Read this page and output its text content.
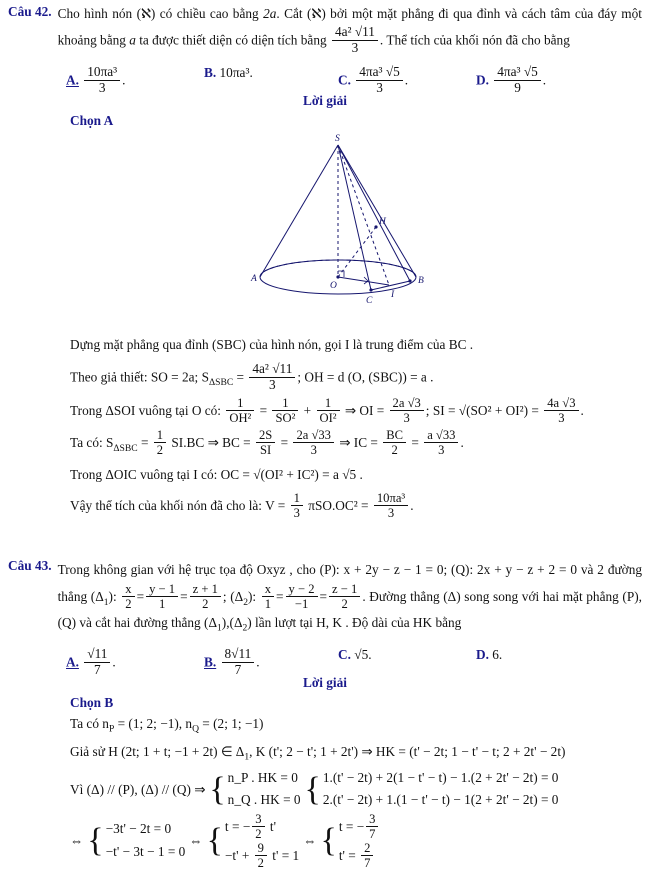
Câu 42. Cho hình nón (ℵ) có chiều cao bằng 2a. Cắt (ℵ) bởi một mặt phẳng đi qua đỉnh và cách tâm của đáy một khoảng bằng a ta được thiết diện có diện tích bằng $\frac{\text{4a² √11}}{3}$ . Thể tích của khối nón đã cho bằng
A. $\frac{\text{10πa³}}{3}$ .
B. 10πa³.
C. $\frac{\text{4πa³ √5}}{3}$ .	D. $\frac{\text{4πa³ √5}}{9}$ .
Lời giải
Chọn A
S
H
A
O
C
I
B
Dựng mặt phẳng qua đỉnh (SBC) của hình nón, gọi I là trung điểm của BC .
Theo giả thiết: SO = 2a; $S_{\Delta SBC} = \frac{\text{4a² √11}}{3}$ ; OH = d (O, (SBC)) = a .
Trong ΔSOI vuông tại O có: $\frac{1}{\text{OH²}} = \frac{1}{\text{SO²}} + \frac{1}{\text{OI²}}$ ⇒ OI = $\frac{2a √3}{3}$ ; SI = $√(SO^2 + OI^2) = \frac{4a √3}{3}$ .
Ta có: $S_{\Delta SBC} = \frac{1}{2} SI.BC$ ⇒ BC = $\frac{2S}{SI} = \frac{2a √33}{3}$ ⇒ IC = $\frac{BC}{2} = \frac{a √33}{3}$ .
Trong ΔOIC vuông tại I có: OC = √(OI² + IC²) = a √5 .
Vậy thể tích của khối nón đã cho là: $V = \frac{1}{3} \pi SO.OC^2 = \frac{\text{10πa³}}{3}$ .
Câu 43. Trong không gian với hệ trục tọa độ Oxyz , cho (P): x + 2y − z − 1 = 0; (Q): 2x + y − z + 2 = 0 và 2 đường thẳng $(\Delta_1)$: $\frac{x}{2} = \frac{y - 1}{1} = \frac{z + 1}{2}$ ; $(\Delta_2)$: $\frac{x}{1} = \frac{y - 2}{-1} = \frac{z - 1}{2}$ . Đường thẳng (Δ) song song với hai mặt phẳng (P),(Q) và cắt hai đường thẳng $(\Delta_1),(\Delta_2)$ lần lượt tại H, K . Độ dài của HK bằng
A. $\frac{√11}{7}$ .	B. $\frac{8√11}{7}$ .
C. √5.	D. 6.
Lời giải
Chọn B
Ta có $n_P = (1$; 2; −1), $n_Q = (2$; 1; −1)
Giả sử H (2t; 1 + t; −1 + 2t) ∈ $\Delta_1$, K (t'; 2 − t'; 1 + 2t') ⇒ HK = (t' − 2t; 1 − t' − t; 2 + 2t' − 2t)
Vì (Δ) // (P), (Δ) // (Q) ⇒ { n_P . HK = 0
n_Q . HK = 0 { 1.(t' − 2t) + 2(1 − t' − t) − 1.(2 + 2t' − 2t) = 0
2.(t' − 2t) + 1.(1 − t' − t) − 1(2 + 2t' − 2t) = 0
⇔ { −3t' − 2t = 0
−t' − 3t − 1 = 0
⇔ { t = − $\frac{3}{2} t'$
$-t' + \frac{9}{2} t' = 1$
⇔ { t = − $\frac{3}{7}$
$t' = \frac{2}{7}$
